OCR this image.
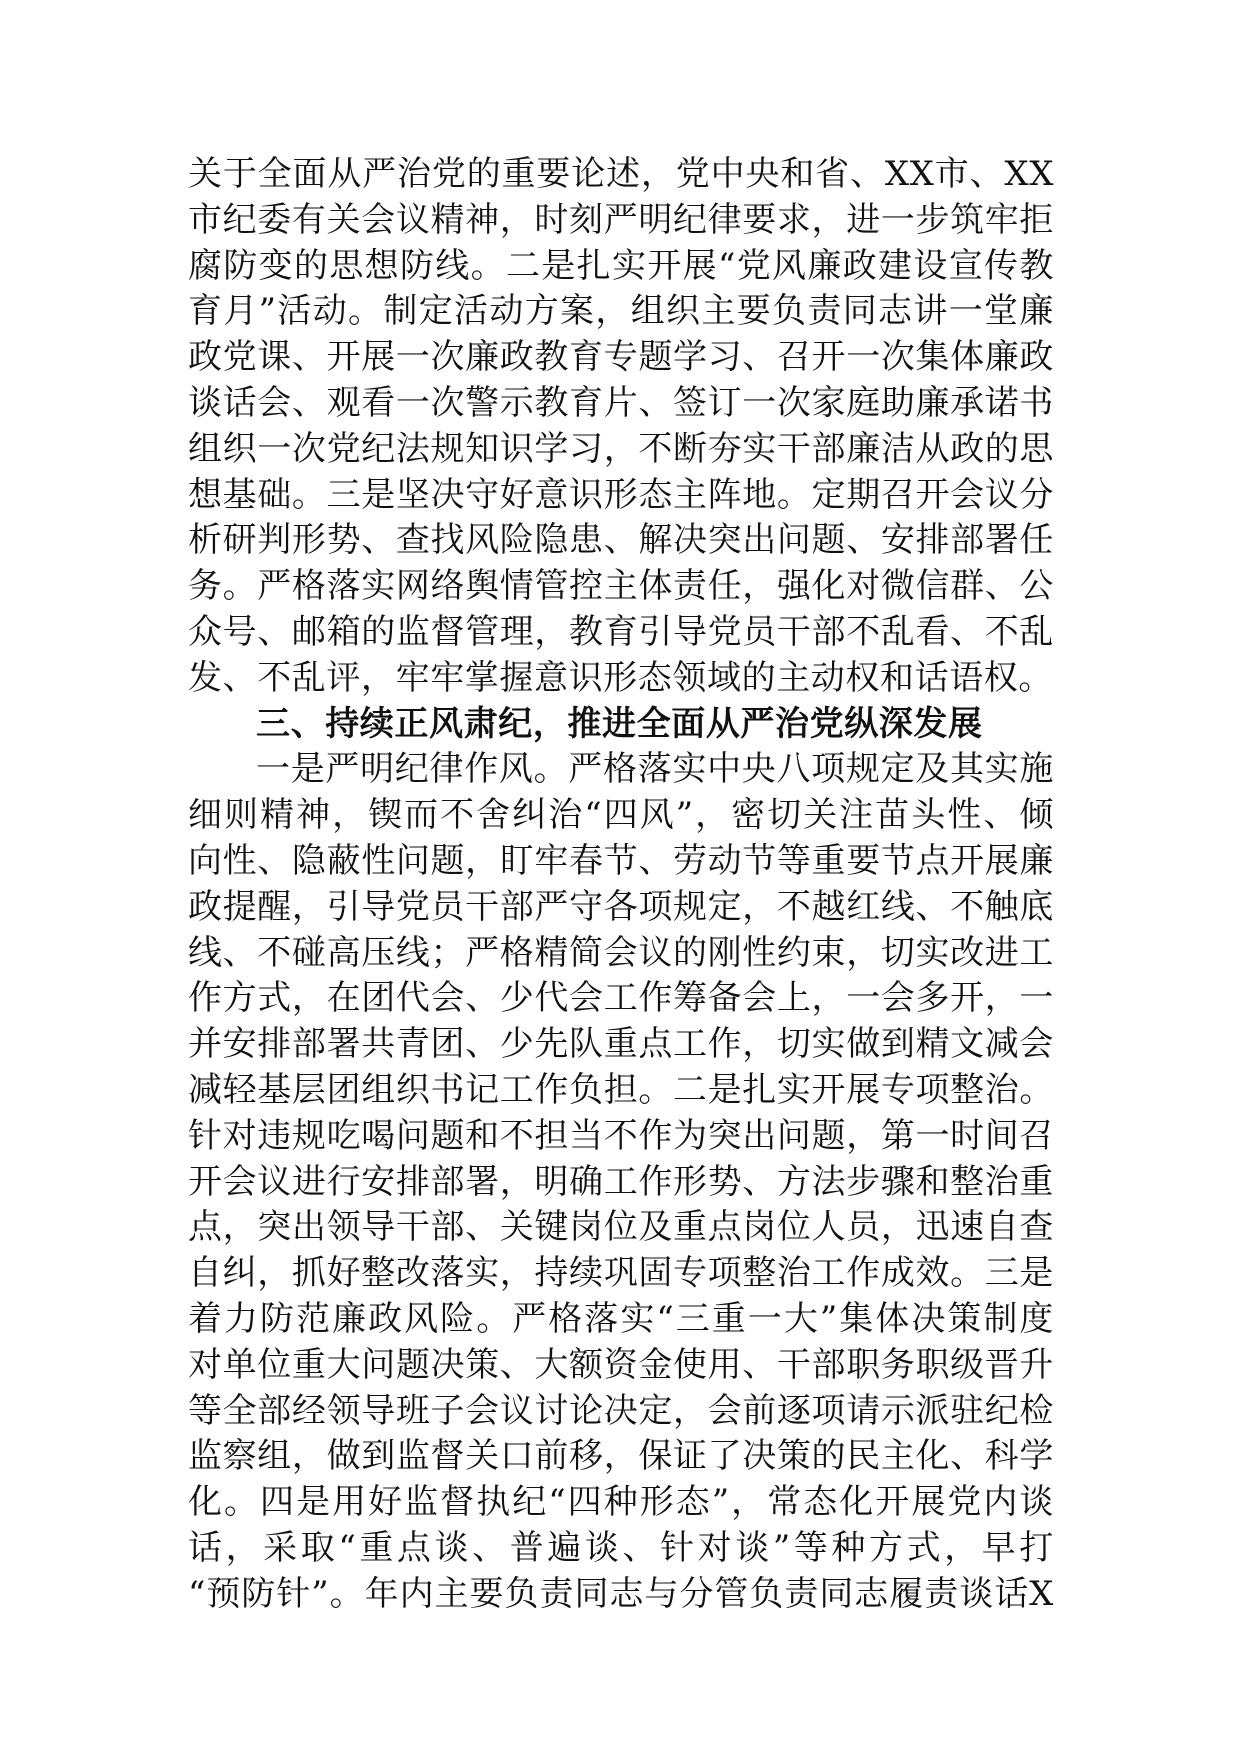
关于全面从严治党的重要论述，党中央和省、XX市、XX
市纪委有关会议精神，时刻严明纪律要求，进一步筑牢拒
腐防变的思想防线。二是扎实开展“党风廉政建设宣传教
育月”活动。制定活动方案，组织主要负责同志讲一堂廉
政党课、开展一次廉政教育专题学习、召开一次集体廉政
谈话会、观看一次警示教育片、签订一次家庭助廉承诺书
组织一次党纪法规知识学习，不断夯实干部廉洁从政的思
想基础。三是坚决守好意识形态主阵地。定期召开会议分
析研判形势、查找风险隐患、解决突出问题、安排部署任
务。严格落实网络舆情管控主体责任，强化对微信群、公
众号、邮箱的监督管理，教育引导党员干部不乱看、不乱
发、不乱评，牢牢掌握意识形态领域的主动权和话语权。
三、持续正风肃纪，推进全面从严治党纵深发展
一是严明纪律作风。严格落实中央八项规定及其实施
细则精神，锲而不舍纠治“四风”，密切关注苗头性、倾
向性、隐蔽性问题，盯牢春节、劳动节等重要节点开展廉
政提醒，引导党员干部严守各项规定，不越红线、不触底
线、不碰高压线；严格精简会议的刚性约束，切实改进工
作方式，在团代会、少代会工作筹备会上，一会多开，一
并安排部署共青团、少先队重点工作，切实做到精文减会
减轻基层团组织书记工作负担。二是扎实开展专项整治。
针对违规吃喝问题和不担当不作为突出问题，第一时间召
开会议进行安排部署，明确工作形势、方法步骤和整治重
点，突出领导干部、关键岗位及重点岗位人员，迅速自查
自纠，抓好整改落实，持续巩固专项整治工作成效。三是
着力防范廉政风险。严格落实“三重一大”集体决策制度
对单位重大问题决策、大额资金使用、干部职务职级晋升
等全部经领导班子会议讨论决定，会前逐项请示派驻纪检
监察组，做到监督关口前移，保证了决策的民主化、科学
化。四是用好监督执纪“四种形态”，常态化开展党内谈
话，采取“重点谈、普遍谈、针对谈”等种方式，早打
“预防针”。年内主要负责同志与分管负责同志履责谈话X
